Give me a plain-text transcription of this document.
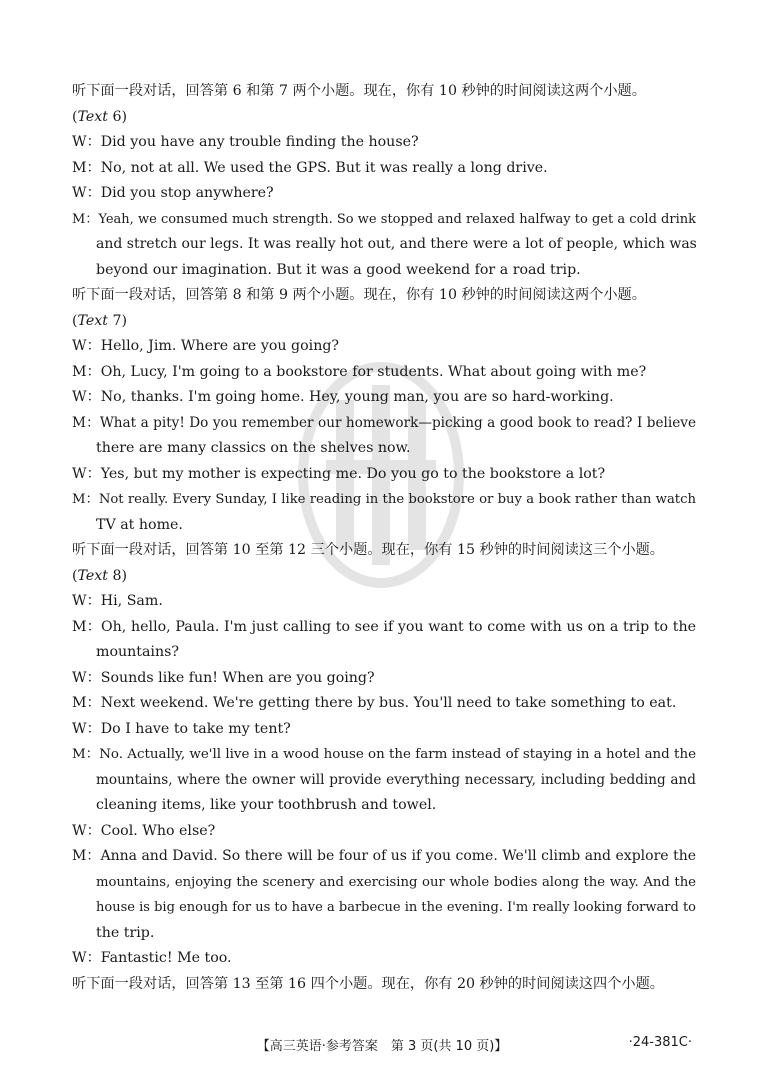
听下面一段对话，回答第 6 和第 7 两个小题。现在，你有 10 秒钟的时间阅读这两个小题。
(Text 6)
W：Did you have any trouble finding the house?
M：No, not at all. We used the GPS. But it was really a long drive.
W：Did you stop anywhere?
M：Yeah, we consumed much strength. So we stopped and relaxed halfway to get a cold drink
and stretch our legs. It was really hot out, and there were a lot of people, which was
beyond our imagination. But it was a good weekend for a road trip.
听下面一段对话，回答第 8 和第 9 两个小题。现在，你有 10 秒钟的时间阅读这两个小题。
(Text 7)
W：Hello, Jim. Where are you going?
M：Oh, Lucy, I'm going to a bookstore for students. What about going with me?
W：No, thanks. I'm going home. Hey, young man, you are so hard-working.
M：What a pity! Do you remember our homework—picking a good book to read? I believe
there are many classics on the shelves now.
W：Yes, but my mother is expecting me. Do you go to the bookstore a lot?
M：Not really. Every Sunday, I like reading in the bookstore or buy a book rather than watch
TV at home.
听下面一段对话，回答第 10 至第 12 三个小题。现在，你有 15 秒钟的时间阅读这三个小题。
(Text 8)
W：Hi, Sam.
M：Oh, hello, Paula. I'm just calling to see if you want to come with us on a trip to the
mountains?
W：Sounds like fun! When are you going?
M：Next weekend. We're getting there by bus. You'll need to take something to eat.
W：Do I have to take my tent?
M：No. Actually, we'll live in a wood house on the farm instead of staying in a hotel and the
mountains, where the owner will provide everything necessary, including bedding and
cleaning items, like your toothbrush and towel.
W：Cool. Who else?
M：Anna and David. So there will be four of us if you come. We'll climb and explore the
mountains, enjoying the scenery and exercising our whole bodies along the way. And the
house is big enough for us to have a barbecue in the evening. I'm really looking forward to
the trip.
W：Fantastic! Me too.
听下面一段对话，回答第 13 至第 16 四个小题。现在，你有 20 秒钟的时间阅读这四个小题。
【高三英语·参考答案　第 3 页(共 10 页)】	·24-381C·
